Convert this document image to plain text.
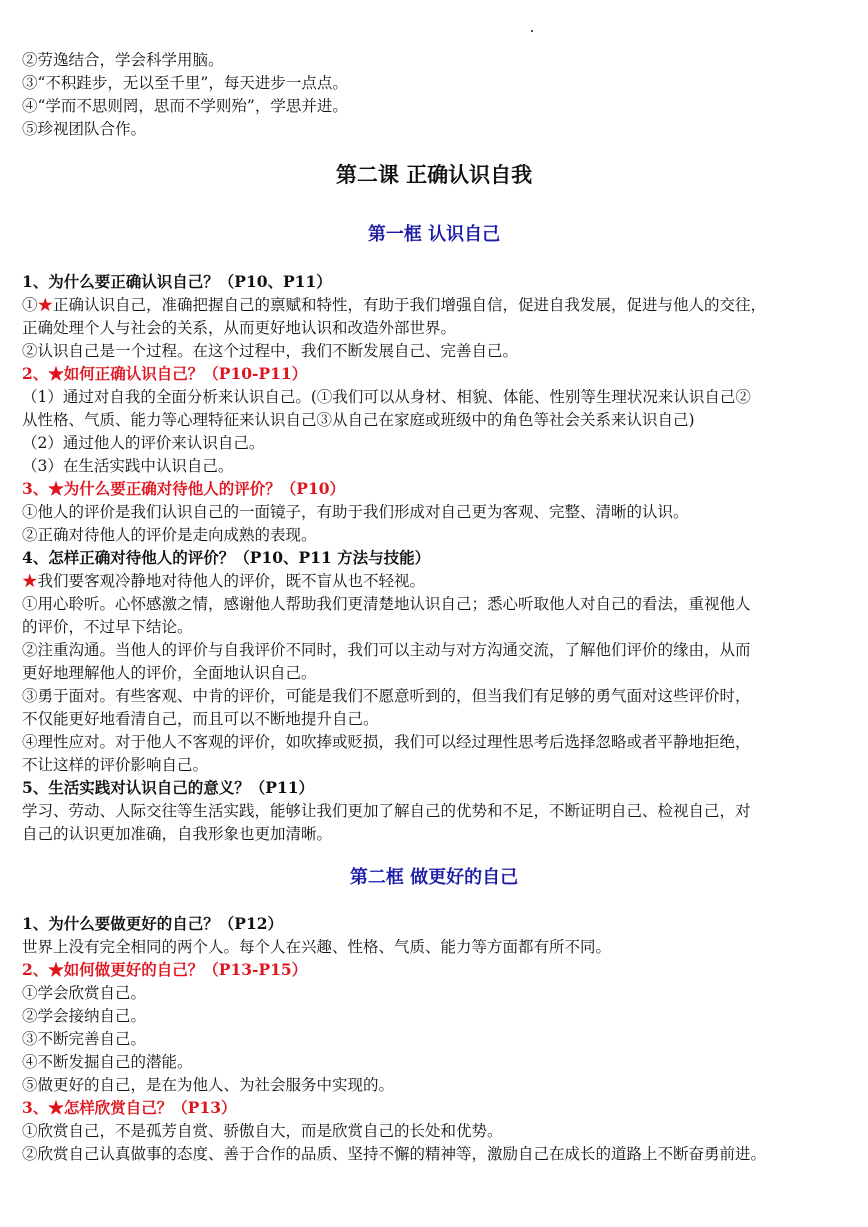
②劳逸结合，学会科学用脑。
③“不积跬步，无以至千里”，每天进步一点点。
④“学而不思则罔，思而不学则殆”，学思并进。
⑤珍视团队合作。
第二课 正确认识自我
第一框 认识自己
1、为什么要正确认识自己？（P10、P11）
①★正确认识自己，准确把握自己的禀赋和特性，有助于我们增强自信，促进自我发展，促进与他人的交往，
正确处理个人与社会的关系，从而更好地认识和改造外部世界。
②认识自己是一个过程。在这个过程中，我们不断发展自己、完善自己。
2、★如何正确认识自己？（P10-P11）
（1）通过对自我的全面分析来认识自己。(①我们可以从身材、相貌、体能、性别等生理状况来认识自己②
从性格、气质、能力等心理特征来认识自己③从自己在家庭或班级中的角色等社会关系来认识自己)
（2）通过他人的评价来认识自己。
（3）在生活实践中认识自己。
3、★为什么要正确对待他人的评价？（P10）
①他人的评价是我们认识自己的一面镜子，有助于我们形成对自己更为客观、完整、清晰的认识。
②正确对待他人的评价是走向成熟的表现。
4、怎样正确对待他人的评价？（P10、P11 方法与技能）
★我们要客观冷静地对待他人的评价，既不盲从也不轻视。
①用心聆听。心怀感激之情，感谢他人帮助我们更清楚地认识自己；悉心听取他人对自己的看法，重视他人
的评价，不过早下结论。
②注重沟通。当他人的评价与自我评价不同时，我们可以主动与对方沟通交流，了解他们评价的缘由，从而
更好地理解他人的评价，全面地认识自己。
③勇于面对。有些客观、中肯的评价，可能是我们不愿意听到的，但当我们有足够的勇气面对这些评价时，
不仅能更好地看清自己，而且可以不断地提升自己。
④理性应对。对于他人不客观的评价，如吹捧或贬损，我们可以经过理性思考后选择忽略或者平静地拒绝，
不让这样的评价影响自己。
5、生活实践对认识自己的意义？（P11）
学习、劳动、人际交往等生活实践，能够让我们更加了解自己的优势和不足，不断证明自己、检视自己，对
自己的认识更加准确，自我形象也更加清晰。
第二框 做更好的自己
1、为什么要做更好的自己？（P12）
世界上没有完全相同的两个人。每个人在兴趣、性格、气质、能力等方面都有所不同。
2、★如何做更好的自己？（P13-P15）
①学会欣赏自己。
②学会接纳自己。
③不断完善自己。
④不断发掘自己的潜能。
⑤做更好的自己，是在为他人、为社会服务中实现的。
3、★怎样欣赏自己？（P13）
①欣赏自己，不是孤芳自赏、骄傲自大，而是欣赏自己的长处和优势。
②欣赏自己认真做事的态度、善于合作的品质、坚持不懈的精神等，激励自己在成长的道路上不断奋勇前进。
